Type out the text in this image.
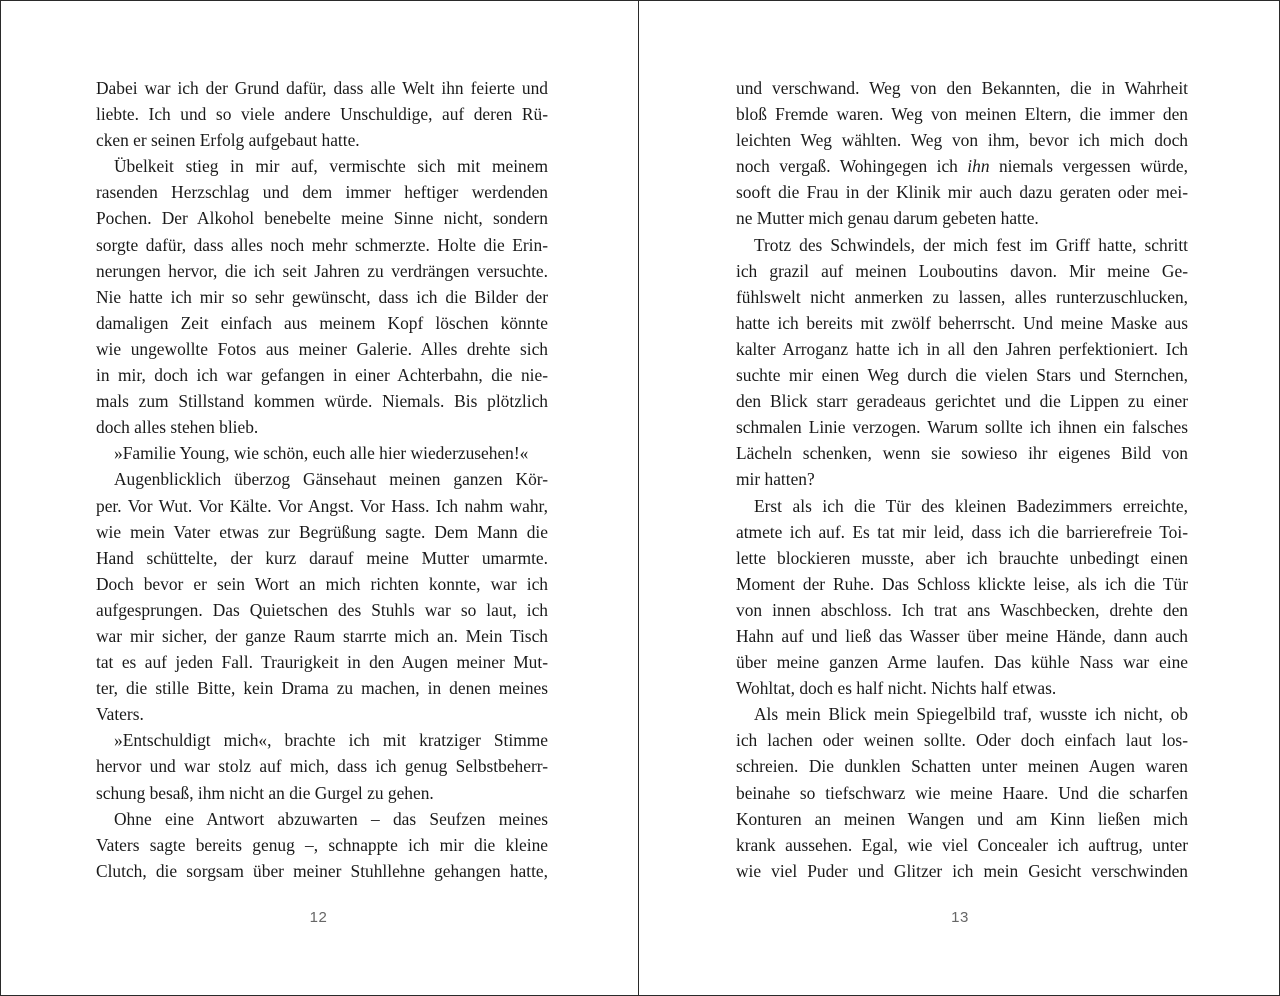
Dabei war ich der Grund dafür, dass alle Welt ihn feierte und
liebte. Ich und so viele andere Unschuldige, auf deren Rü-
cken er seinen Erfolg aufgebaut hatte.
Übelkeit stieg in mir auf, vermischte sich mit meinem
rasenden Herzschlag und dem immer heftiger werdenden
Pochen. Der Alkohol benebelte meine Sinne nicht, sondern
sorgte dafür, dass alles noch mehr schmerzte. Holte die Erin-
nerungen hervor, die ich seit Jahren zu verdrängen versuchte.
Nie hatte ich mir so sehr gewünscht, dass ich die Bilder der
damaligen Zeit einfach aus meinem Kopf löschen könnte
wie ungewollte Fotos aus meiner Galerie. Alles drehte sich
in mir, doch ich war gefangen in einer Achterbahn, die nie-
mals zum Stillstand kommen würde. Niemals. Bis plötzlich
doch alles stehen blieb.
»Familie Young, wie schön, euch alle hier wiederzusehen!«
Augenblicklich überzog Gänsehaut meinen ganzen Kör-
per. Vor Wut. Vor Kälte. Vor Angst. Vor Hass. Ich nahm wahr,
wie mein Vater etwas zur Begrüßung sagte. Dem Mann die
Hand schüttelte, der kurz darauf meine Mutter umarmte.
Doch bevor er sein Wort an mich richten konnte, war ich
aufgesprungen. Das Quietschen des Stuhls war so laut, ich
war mir sicher, der ganze Raum starrte mich an. Mein Tisch
tat es auf jeden Fall. Traurigkeit in den Augen meiner Mut-
ter, die stille Bitte, kein Drama zu machen, in denen meines
Vaters.
»Entschuldigt mich«, brachte ich mit kratziger Stimme
hervor und war stolz auf mich, dass ich genug Selbstbeherr-
schung besaß, ihm nicht an die Gurgel zu gehen.
Ohne eine Antwort abzuwarten – das Seufzen meines
Vaters sagte bereits genug –, schnappte ich mir die kleine
Clutch, die sorgsam über meiner Stuhllehne gehangen hatte,
12
und verschwand. Weg von den Bekannten, die in Wahrheit
bloß Fremde waren. Weg von meinen Eltern, die immer den
leichten Weg wählten. Weg von ihm, bevor ich mich doch
noch vergaß. Wohingegen ich ihn niemals vergessen würde,
sooft die Frau in der Klinik mir auch dazu geraten oder mei-
ne Mutter mich genau darum gebeten hatte.
Trotz des Schwindels, der mich fest im Griff hatte, schritt
ich grazil auf meinen Louboutins davon. Mir meine Ge-
fühlswelt nicht anmerken zu lassen, alles runterzuschlucken,
hatte ich bereits mit zwölf beherrscht. Und meine Maske aus
kalter Arroganz hatte ich in all den Jahren perfektioniert. Ich
suchte mir einen Weg durch die vielen Stars und Sternchen,
den Blick starr geradeaus gerichtet und die Lippen zu einer
schmalen Linie verzogen. Warum sollte ich ihnen ein falsches
Lächeln schenken, wenn sie sowieso ihr eigenes Bild von
mir hatten?
Erst als ich die Tür des kleinen Badezimmers erreichte,
atmete ich auf. Es tat mir leid, dass ich die barrierefreie Toi-
lette blockieren musste, aber ich brauchte unbedingt einen
Moment der Ruhe. Das Schloss klickte leise, als ich die Tür
von innen abschloss. Ich trat ans Waschbecken, drehte den
Hahn auf und ließ das Wasser über meine Hände, dann auch
über meine ganzen Arme laufen. Das kühle Nass war eine
Wohltat, doch es half nicht. Nichts half etwas.
Als mein Blick mein Spiegelbild traf, wusste ich nicht, ob
ich lachen oder weinen sollte. Oder doch einfach laut los-
schreien. Die dunklen Schatten unter meinen Augen waren
beinahe so tiefschwarz wie meine Haare. Und die scharfen
Konturen an meinen Wangen und am Kinn ließen mich
krank aussehen. Egal, wie viel Concealer ich auftrug, unter
wie viel Puder und Glitzer ich mein Gesicht verschwinden
13
